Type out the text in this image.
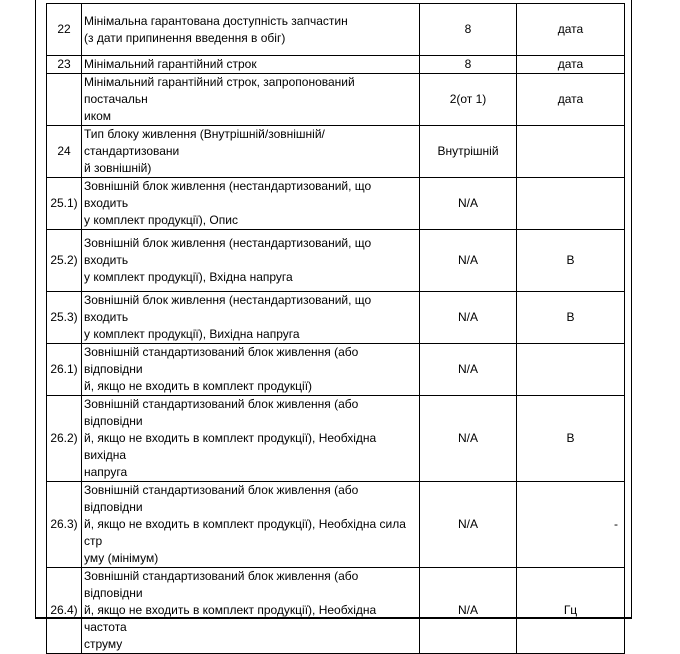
22	Мінімальна гарантована доступність запчастин
(з дати припинення введення в обіг)	8	дата
23	Мінімальний гарантійний строк	8	дата

	Мінімальний гарантійний строк, запропонований постачальн
иком	2(от 1)	дата
24	Тип блоку живлення (Внутрішній/зовнішній/ стандартизовани
й зовнішній)	Внутрішній	
25.1)	Зовнішній блок живлення (нестандартизований, що входить
у комплект продукції), Опис	N/A	
25.2)	Зовнішній блок живлення (нестандартизований, що входить
у комплект продукції), Вхідна напруга	N/A	В
25.3)	Зовнішній блок живлення (нестандартизований, що входить
у комплект продукції), Вихідна напруга	N/A	В
26.1)	Зовнішній стандартизований блок живлення (або відповідни
й, якщо не входить в комплект продукції)	N/A	
26.2)	Зовнішній стандартизований блок живлення (або відповідни
й, якщо не входить в комплект продукції), Необхідна вихідна
напруга	N/A	В
26.3)	Зовнішній стандартизований блок живлення (або відповідни
й, якщо не входить в комплект продукції), Необхідна сила стр
уму (мінімум)	N/A	-
26.4)	Зовнішній стандартизований блок живлення (або відповідни
й, якщо не входить в комплект продукції), Необхідна частота
струму	N/A	Гц
